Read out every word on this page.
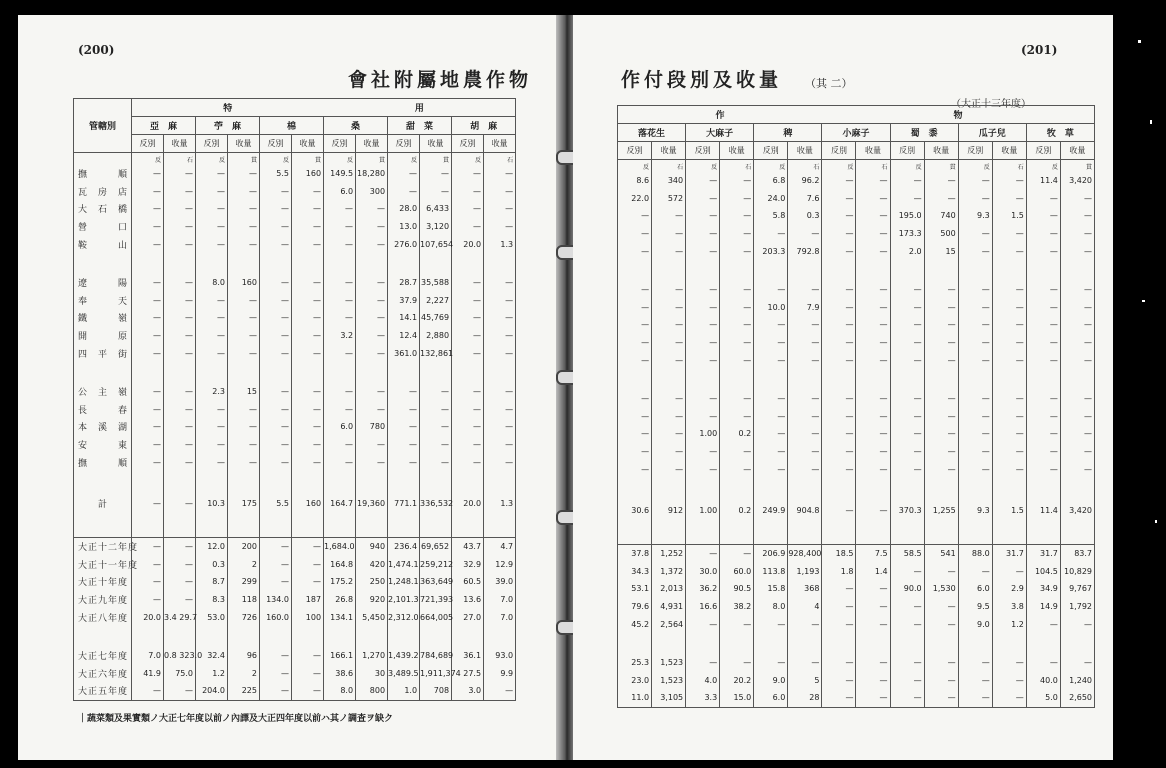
(200)
會社附屬地農作物
管轄別	特						用					
	亞　麻		苧　麻		棉		桑		甜　菜		胡　麻	
	反別	收量	反別	收量	反別	收量	反別	收量	反別	收量	反別	收量
	反	石	反	貫	反	貫	反	貫	反	貫	反	石
撫　　　順	—	—	—	—	5.5	160	149.5	18,280	—	—	—	—
瓦　房　店	—	—	—	—	—	—	6.0	300	—	—	—	—
大　石　橋	—	—	—	—	—	—	—	—	28.0	6,433	—	—
營　　　口	—	—	—	—	—	—	—	—	13.0	3,120	—	—
鞍　　　山	—	—	—	—	—	—	—	—	276.0	107,654	20.0	1.3

遼　　　陽	—	—	8.0	160	—	—	—	—	28.7	35,588	—	—
奉　　　天	—	—	—	—	—	—	—	—	37.9	2,227	—	—
鐵　　　嶺	—	—	—	—	—	—	—	—	14.1	45,769	—	—
開　　　原	—	—	—	—	—	—	3.2	—	12.4	2,880	—	—
四　平　街	—	—	—	—	—	—	—	—	361.0	132,861	—	—

公　主　嶺	—	—	2.3	15	—	—	—	—	—	—	—	—
長　　　春	—	—	—	—	—	—	—	—	—	—	—	—
本　溪　湖	—	—	—	—	—	—	6.0	780	—	—	—	—
安　　　東	—	—	—	—	—	—	—	—	—	—	—	—
撫　　　順	—	—	—	—	—	—	—	—	—	—	—	—

　　計	—	—	10.3	175	5.5	160	164.7	19,360	771.1	336,532	20.0	1.3

大正十二年度	—	—	12.0	200	—	—	1,684.0	940	236.4	69,652	43.7	4.7
大正十一年度	—	—	0.3	2	—	—	164.8	420	1,474.1	259,212	32.9	12.9
大正十年度	—	—	8.7	299	—	—	175.2	250	1,248.1	363,649	60.5	39.0
大正九年度	—	—	8.3	118	134.0	187	26.8	920	2,101.3	721,393	13.6	7.0
大正八年度	20.0	3.4 29.7	53.0	726	160.0	100	134.1	5,450	2,312.0	664,005	27.0	7.0

大正七年度	7.0	0.8 323.0	32.4	96	—	—	166.1	1,270	1,439.2	784,689	36.1	93.0
大正六年度	41.9	75.0	1.2	2	—	—	38.6	30	3,489.5	1,911,374	27.5	9.9
大正五年度	—	—	204.0	225	—	—	8.0	800	1.0	708	3.0	—
｜蔬菜類及果實類ノ大正七年度以前ノ內譯及大正四年度以前ハ其ノ調査ヲ缺ク
(201)
作付段別及收量 （其 二）
（大正十三年度）
作						物							
落花生		大麻子		稗		小麻子		蜀　黍		瓜子兒		牧　草	
反別	收量	反別	收量	反別	收量	反別	收量	反別	收量	反別	收量	反別	收量
反	石	反	石	反	石	反	石	反	貫	反	石	反	貫
8.6	340	—	—	6.8	96.2	—	—	—	—	—	—	11.4	3,420
22.0	572	—	—	24.0	7.6	—	—	—	—	—	—	—	—
—	—	—	—	5.8	0.3	—	—	195.0	740	9.3	1.5	—	—
—	—	—	—	—	—	—	—	173.3	500	—	—	—	—
—	—	—	—	203.3	792.8	—	—	2.0	15	—	—	—	—

—	—	—	—	—	—	—	—	—	—	—	—	—	—
—	—	—	—	10.0	7.9	—	—	—	—	—	—	—	—
—	—	—	—	—	—	—	—	—	—	—	—	—	—
—	—	—	—	—	—	—	—	—	—	—	—	—	—
—	—	—	—	—	—	—	—	—	—	—	—	—	—

—	—	—	—	—	—	—	—	—	—	—	—	—	—
—	—	—	—	—	—	—	—	—	—	—	—	—	—
—	—	1.00	0.2	—	—	—	—	—	—	—	—	—	—
—	—	—	—	—	—	—	—	—	—	—	—	—	—
—	—	—	—	—	—	—	—	—	—	—	—	—	—

30.6	912	1.00	0.2	249.9	904.8	—	—	370.3	1,255	9.3	1.5	11.4	3,420

37.8	1,252	—	—	206.9	928,400	18.5	7.5	58.5	541	88.0	31.7	31.7	83.7
34.3	1,372	30.0	60.0	113.8	1,193	1.8	1.4	—	—	—	—	104.5	10,829
53.1	2,013	36.2	90.5	15.8	368	—	—	90.0	1,530	6.0	2.9	34.9	9,767
79.6	4,931	16.6	38.2	8.0	4	—	—	—	—	9.5	3.8	14.9	1,792
45.2	2,564	—	—	—	—	—	—	—	—	9.0	1.2	—	—

25.3	1,523	—	—	—	—	—	—	—	—	—	—	—	—
23.0	1,523	4.0	20.2	9.0	5	—	—	—	—	—	—	40.0	1,240
11.0	3,105	3.3	15.0	6.0	28	—	—	—	—	—	—	5.0	2,650
